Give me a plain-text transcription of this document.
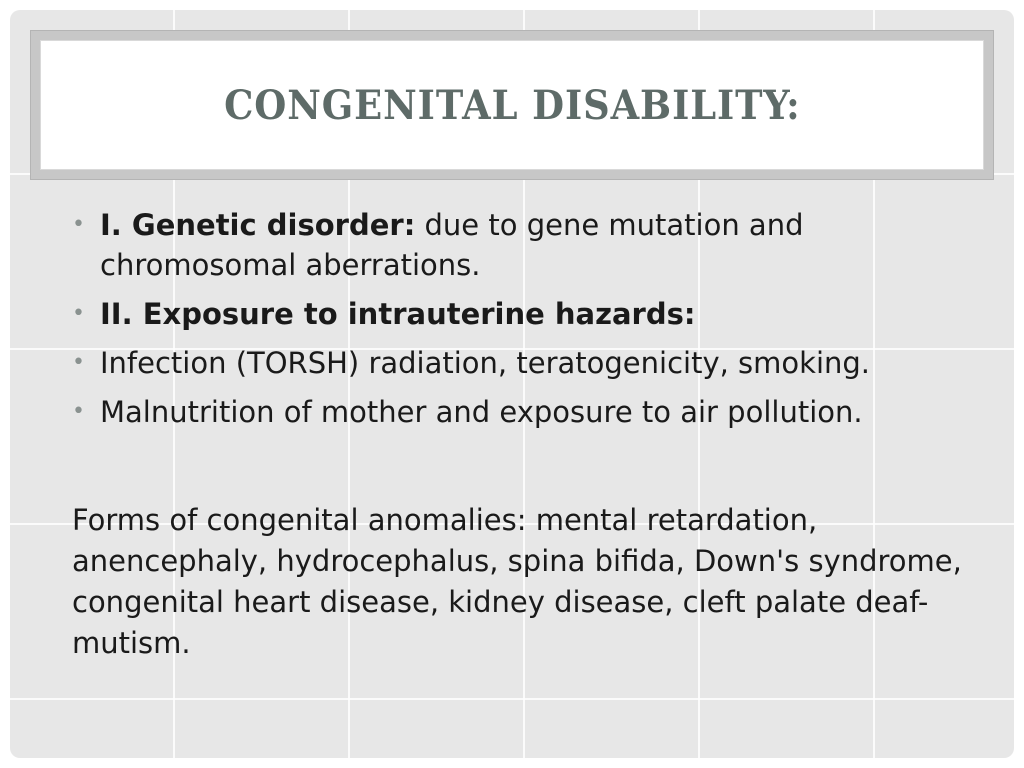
CONGENITAL DISABILITY:
• I. Genetic disorder: due to gene mutation and chromosomal aberrations.
• II. Exposure to intrauterine hazards:
• Infection (TORSH) radiation, teratogenicity, smoking.
• Malnutrition of mother and exposure to air pollution.

Forms of congenital anomalies: mental retardation, anencephaly, hydrocephalus, spina bifida, Down's syndrome, congenital heart disease, kidney disease, cleft palate deaf-mutism.
